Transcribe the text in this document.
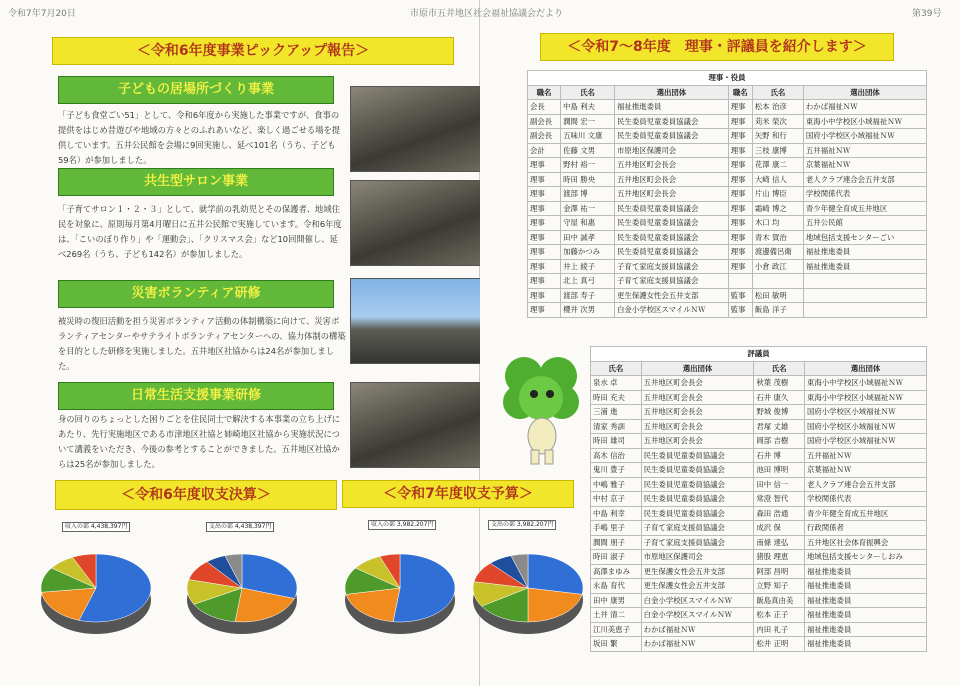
令和7年7月20日
＜令和6年度事業ピックアップ報告＞
子どもの居場所づくり事業
「子ども食堂ごい51」として、令和6年度から実施した事業ですが、食事の提供をはじめ昔遊びや地域の方々とのふれあいなど、楽しく過ごせる場を提供しています。五井公民館を会場に9回実施し、延べ101名（うち、子ども59名）が参加しました。
共生型サロン事業
「子育てサロン１・２・３」として、就学前の乳幼児とその保護者、地域住民を対象に、原則毎月第4月曜日に五井公民館で実施しています。令和6年度は、「こいのぼり作り」や「運動会」、「クリスマス会」など10回開催し、延べ269名（うち、子ども142名）が参加しました。
災害ボランティア研修
被災時の復旧活動を担う災害ボランティア活動の体制構築に向けて、災害ボランティアセンターやサテライトボランティアセンターへの、協力体制の構築を目的とした研修を実施しました。五井地区社協からは24名が参加しました。
日常生活支援事業研修
身の回りのちょっとした困りごとを住民同士で解決する本事業の立ち上げにあたり、先行実施地区である市津地区社協と姉崎地区社協から実施状況について講義をいただき、今後の参考とすることができました。五井地区社協からは25名が参加しました。
＜令和6年度収支決算＞
収入の部 4,438,397円	支出の部 4,438,397円
市原市五井地区社会福祉協議会だより	第39号
＜令和7～8年度　理事・評議員を紹介します＞
理事・役員					
職名	氏名	選出団体	職名	氏名	選出団体
会長	中島 利夫	福祉推進委員	理事	松本 治彦	わかば福祉ＮＷ
副会長	潤間 宏一	民生委員児童委員協議会	理事	苅米 榮次	東海小中学校区小域福祉ＮＷ
副会長	五味川 文康	民生委員児童委員協議会	理事	矢野 和行	国府小学校区小域福祉ＮＷ
会計	佐藤 文男	市原地区保護司会	理事	三枝 康博	五井福祉ＮＷ
理事	野村 裕一	五井地区町会長会	理事	花澤 康二	京葉福祉ＮＷ
理事	時田 勝央	五井地区町会長会	理事	大崎 信人	老人クラブ連合会五井支部
理事	渡部 博	五井地区町会長会	理事	片山 博臣	学校関係代表
理事	金澤 祐一	民生委員児童委員協議会	理事	霜崎 博之	青少年健全育成五井地区
理事	守屋 和惠	民生委員児童委員協議会	理事	木口 均	五井公民館
理事	田中 誠孝	民生委員児童委員協議会	理事	青木 賀治	地域包括支援センターごい
理事	加藤かつみ	民生委員児童委員協議会	理事	渡邊備呂衛	福祉推進委員
理事	井上 綾子	子育て家庭支援員協議会	理事	小倉 政江	福祉推進委員
理事	北上 真弓	子育て家庭支援員協議会			
理事	渡部 寿子	更生保護女性会五井支部	監事	松田 敏明	
理事	櫻井 次男	白金小学校区スマイルＮＷ	監事	飯島 洋子	
評議員			
氏名	選出団体	氏名	選出団体
泉水 卓	五井地区町会長会	秋葉 茂樹	東海小中学校区小域福祉ＮＷ
時田 充夫	五井地区町会長会	石井 康久	東海小中学校区小域福祉ＮＷ
三浦 進	五井地区町会長会	野城 俊博	国府小学校区小域福祉ＮＷ
清家 秀訓	五井地区町会長会	君塚 丈雄	国府小学校区小域福祉ＮＷ
時田 雄司	五井地区町会長会	岡部 吉樹	国府小学校区小域福祉ＮＷ
高木 信治	民生委員児童委員協議会	石井 博	五井福祉ＮＷ
鬼川 豊子	民生委員児童委員協議会	池田 博明	京葉福祉ＮＷ
中嶋 雅子	民生委員児童委員協議会	田中 信一	老人クラブ連合会五井支部
中村 京子	民生委員児童委員協議会	常澄 智代	学校関係代表
中島 利幸	民生委員児童委員協議会	森田 浩通	青少年健全育成五井地区
手嶋 里子	子育て家庭支援員協議会	成沢 保	行政関係者
潤間 朋子	子育て家庭支援員協議会	南條 達弘	五井地区社会体育振興会
時田 淑子	市原地区保護司会	猪股 理恵	地域包括支援センターしおみ
高澤まゆみ	更生保護女性会五井支部	阿部 昌明	福祉推進委員
永島 育代	更生保護女性会五井支部	立野 知子	福祉推進委員
田中 康男	白金小学校区スマイルＮＷ	飯島真由美	福祉推進委員
土井 清二	白金小学校区スマイルＮＷ	松本 正子	福祉推進委員
江川美恵子	わかば福祉ＮＷ	内田 礼子	福祉推進委員
坂田 繁	わかば福祉ＮＷ	松井 正明	福祉推進委員
＜令和7年度収支予算＞
収入の部 3,982,207円	支出の部 3,982,207円
